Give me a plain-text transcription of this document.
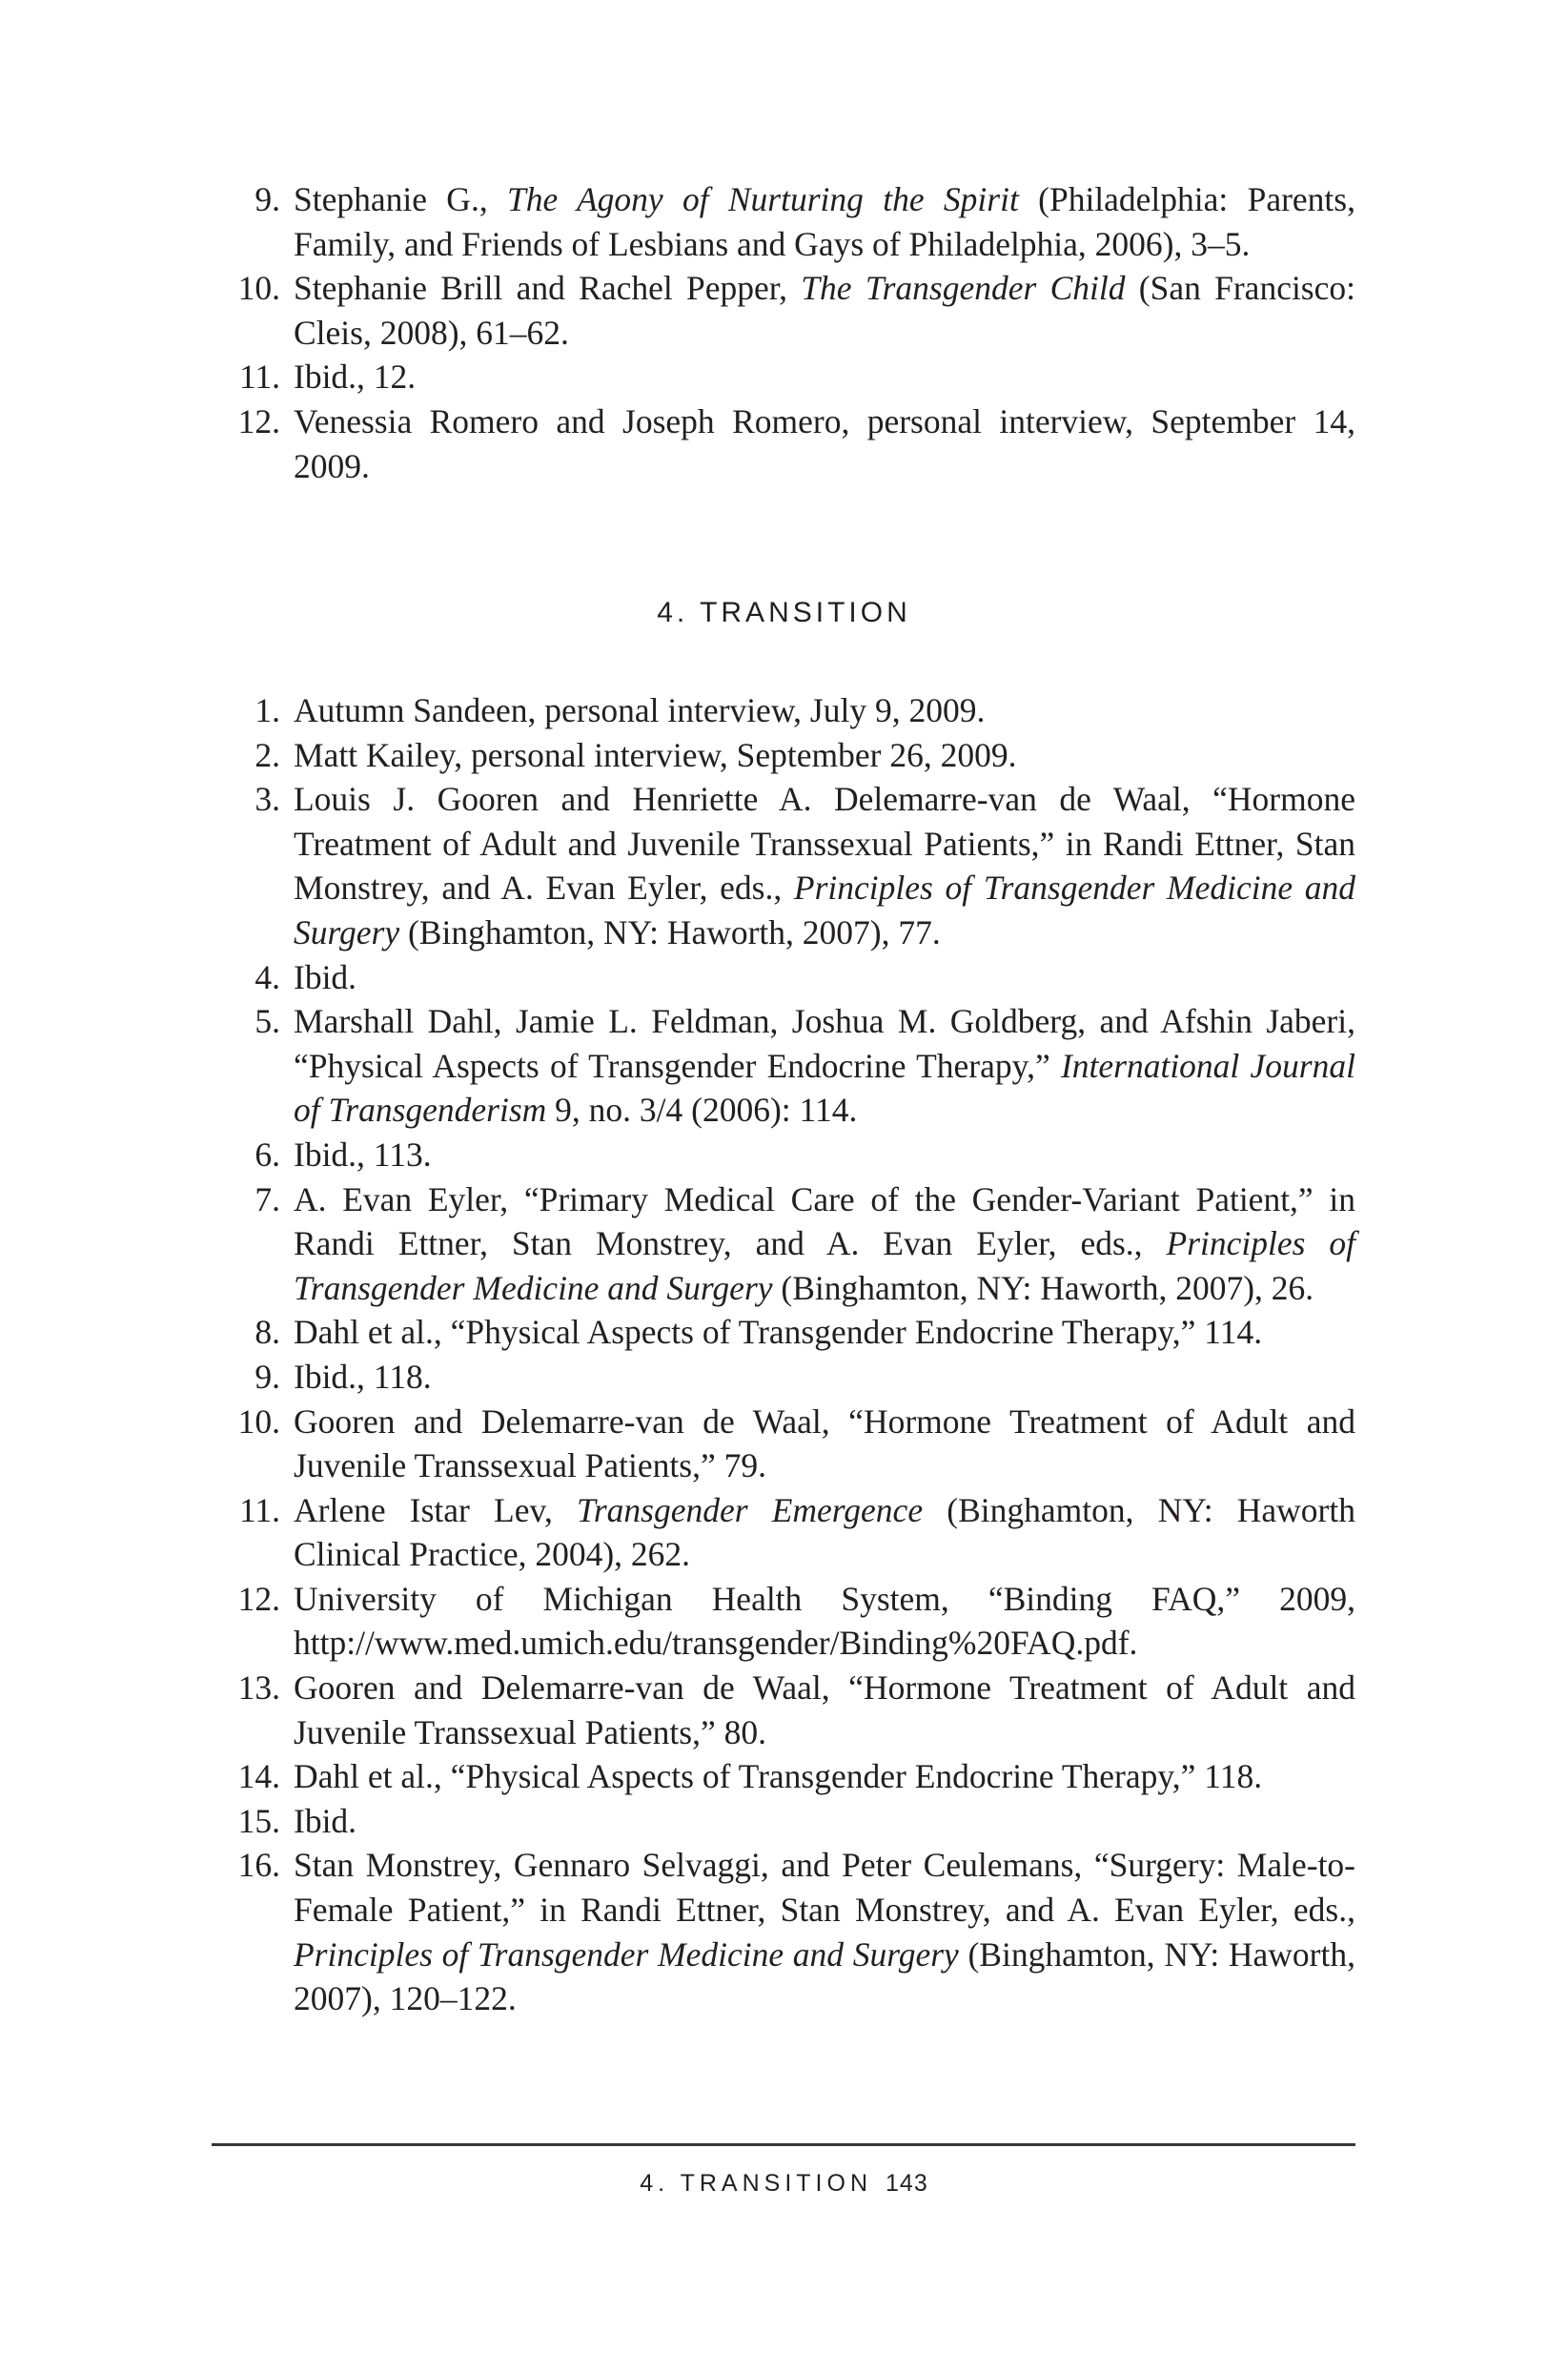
9. Stephanie G., The Agony of Nurturing the Spirit (Philadelphia: Parents, Family, and Friends of Lesbians and Gays of Philadelphia, 2006), 3–5.
10. Stephanie Brill and Rachel Pepper, The Transgender Child (San Francisco: Cleis, 2008), 61–62.
11. Ibid., 12.
12. Venessia Romero and Joseph Romero, personal interview, September 14, 2009.
4. TRANSITION
1. Autumn Sandeen, personal interview, July 9, 2009.
2. Matt Kailey, personal interview, September 26, 2009.
3. Louis J. Gooren and Henriette A. Delemarre-van de Waal, “Hormone Treatment of Adult and Juvenile Transsexual Patients,” in Randi Ettner, Stan Monstrey, and A. Evan Eyler, eds., Principles of Transgender Medicine and Surgery (Binghamton, NY: Haworth, 2007), 77.
4. Ibid.
5. Marshall Dahl, Jamie L. Feldman, Joshua M. Goldberg, and Afshin Jaberi, “Physical Aspects of Transgender Endocrine Therapy,” International Journal of Transgenderism 9, no. 3/4 (2006): 114.
6. Ibid., 113.
7. A. Evan Eyler, “Primary Medical Care of the Gender-Variant Patient,” in Randi Ettner, Stan Monstrey, and A. Evan Eyler, eds., Principles of Transgender Medicine and Surgery (Binghamton, NY: Haworth, 2007), 26.
8. Dahl et al., “Physical Aspects of Transgender Endocrine Therapy,” 114.
9. Ibid., 118.
10. Gooren and Delemarre-van de Waal, “Hormone Treatment of Adult and Juvenile Transsexual Patients,” 79.
11. Arlene Istar Lev, Transgender Emergence (Binghamton, NY: Haworth Clinical Practice, 2004), 262.
12. University of Michigan Health System, “Binding FAQ,” 2009, http://www.med.umich.edu/transgender/Binding%20FAQ.pdf.
13. Gooren and Delemarre-van de Waal, “Hormone Treatment of Adult and Juvenile Transsexual Patients,” 80.
14. Dahl et al., “Physical Aspects of Transgender Endocrine Therapy,” 118.
15. Ibid.
16. Stan Monstrey, Gennaro Selvaggi, and Peter Ceulemans, “Surgery: Male-to-Female Patient,” in Randi Ettner, Stan Monstrey, and A. Evan Eyler, eds., Principles of Transgender Medicine and Surgery (Binghamton, NY: Haworth, 2007), 120–122.
4. TRANSITION 143
